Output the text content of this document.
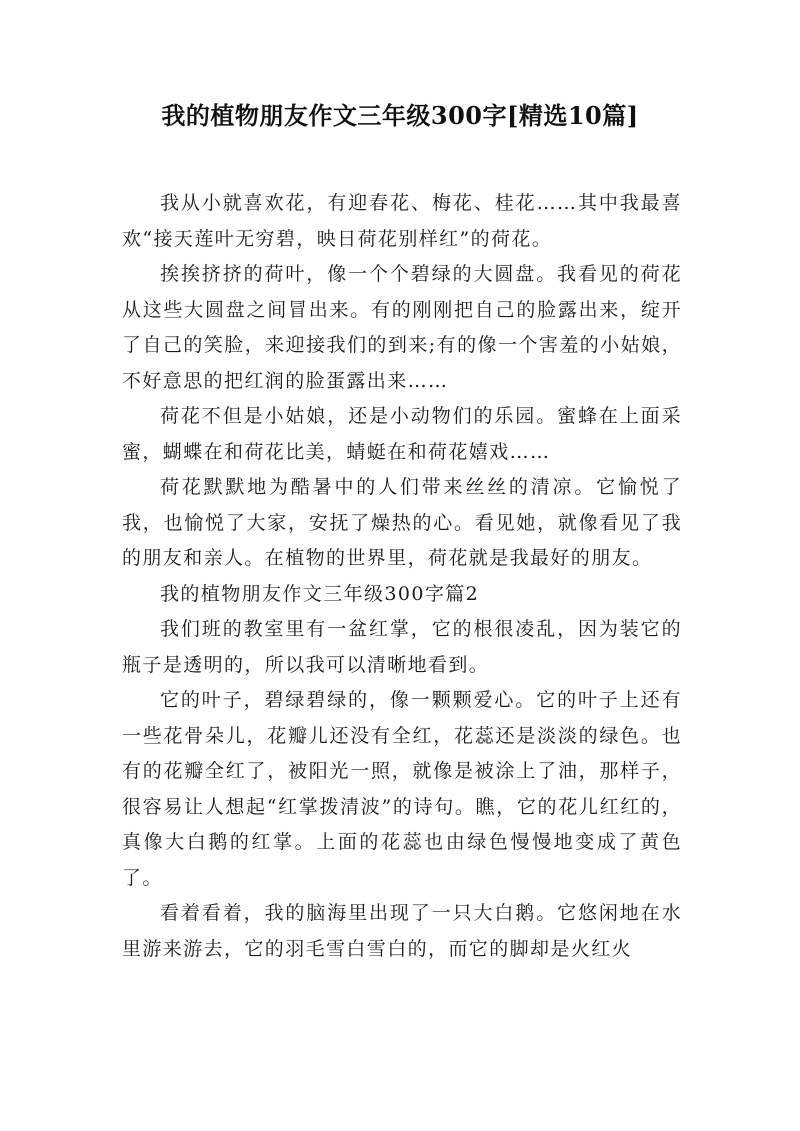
我的植物朋友作文三年级300字[精选10篇]

我从小就喜欢花，有迎春花、梅花、桂花……其中我最喜欢“接天莲叶无穷碧，映日荷花别样红”的荷花。

挨挨挤挤的荷叶，像一个个碧绿的大圆盘。我看见的荷花从这些大圆盘之间冒出来。有的刚刚把自己的脸露出来，绽开了自己的笑脸，来迎接我们的到来;有的像一个害羞的小姑娘，不好意思的把红润的脸蛋露出来……

荷花不但是小姑娘，还是小动物们的乐园。蜜蜂在上面采蜜，蝴蝶在和荷花比美，蜻蜓在和荷花嬉戏……

荷花默默地为酷暑中的人们带来丝丝的清凉。它愉悦了我，也愉悦了大家，安抚了燥热的心。看见她，就像看见了我的朋友和亲人。在植物的世界里，荷花就是我最好的朋友。

我的植物朋友作文三年级300字篇2

我们班的教室里有一盆红掌，它的根很凌乱，因为装它的瓶子是透明的，所以我可以清晰地看到。

它的叶子，碧绿碧绿的，像一颗颗爱心。它的叶子上还有一些花骨朵儿，花瓣儿还没有全红，花蕊还是淡淡的绿色。也有的花瓣全红了，被阳光一照，就像是被涂上了油，那样子，很容易让人想起“红掌拨清波”的诗句。瞧，它的花儿红红的，真像大白鹅的红掌。上面的花蕊也由绿色慢慢地变成了黄色了。

看着看着，我的脑海里出现了一只大白鹅。它悠闲地在水里游来游去，它的羽毛雪白雪白的，而它的脚却是火红火
